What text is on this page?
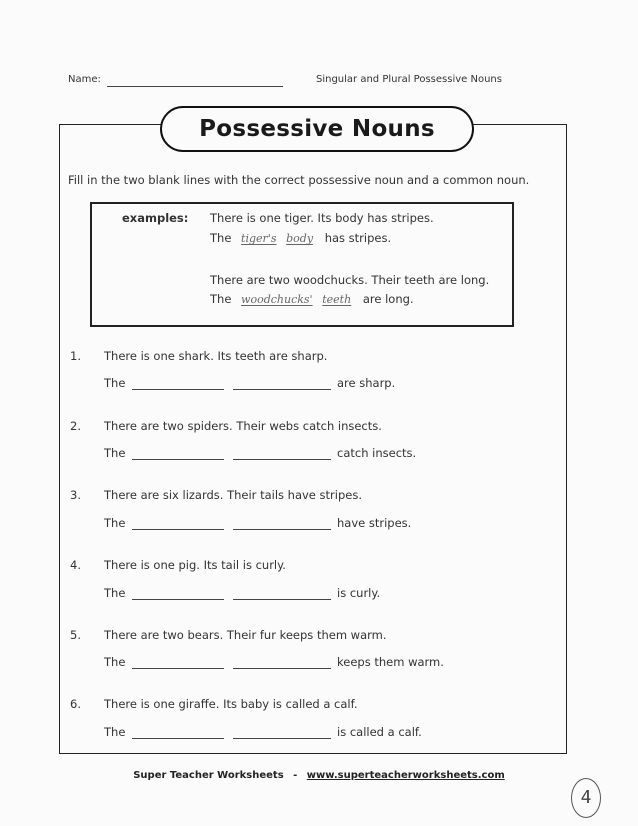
Name:	Singular and Plural Possessive Nouns
Possessive Nouns
Fill in the two blank lines with the correct possessive noun and a common noun.
examples: There is one tiger. Its body has stripes.
The tiger's body has stripes.
There are two woodchucks. Their teeth are long.
The woodchucks' teeth are long.
1. There is one shark. Its teeth are sharp.
The	are sharp.
2. There are two spiders. Their webs catch insects.
The	catch insects.
3. There are six lizards. Their tails have stripes.
The	have stripes.
4. There is one pig. Its tail is curly.
The	is curly.
5. There are two bears. Their fur keeps them warm.
The	keeps them warm.
6. There is one giraffe. Its baby is called a calf.
The	is called a calf.
Super Teacher Worksheets - www.superteacherworksheets.com
4
